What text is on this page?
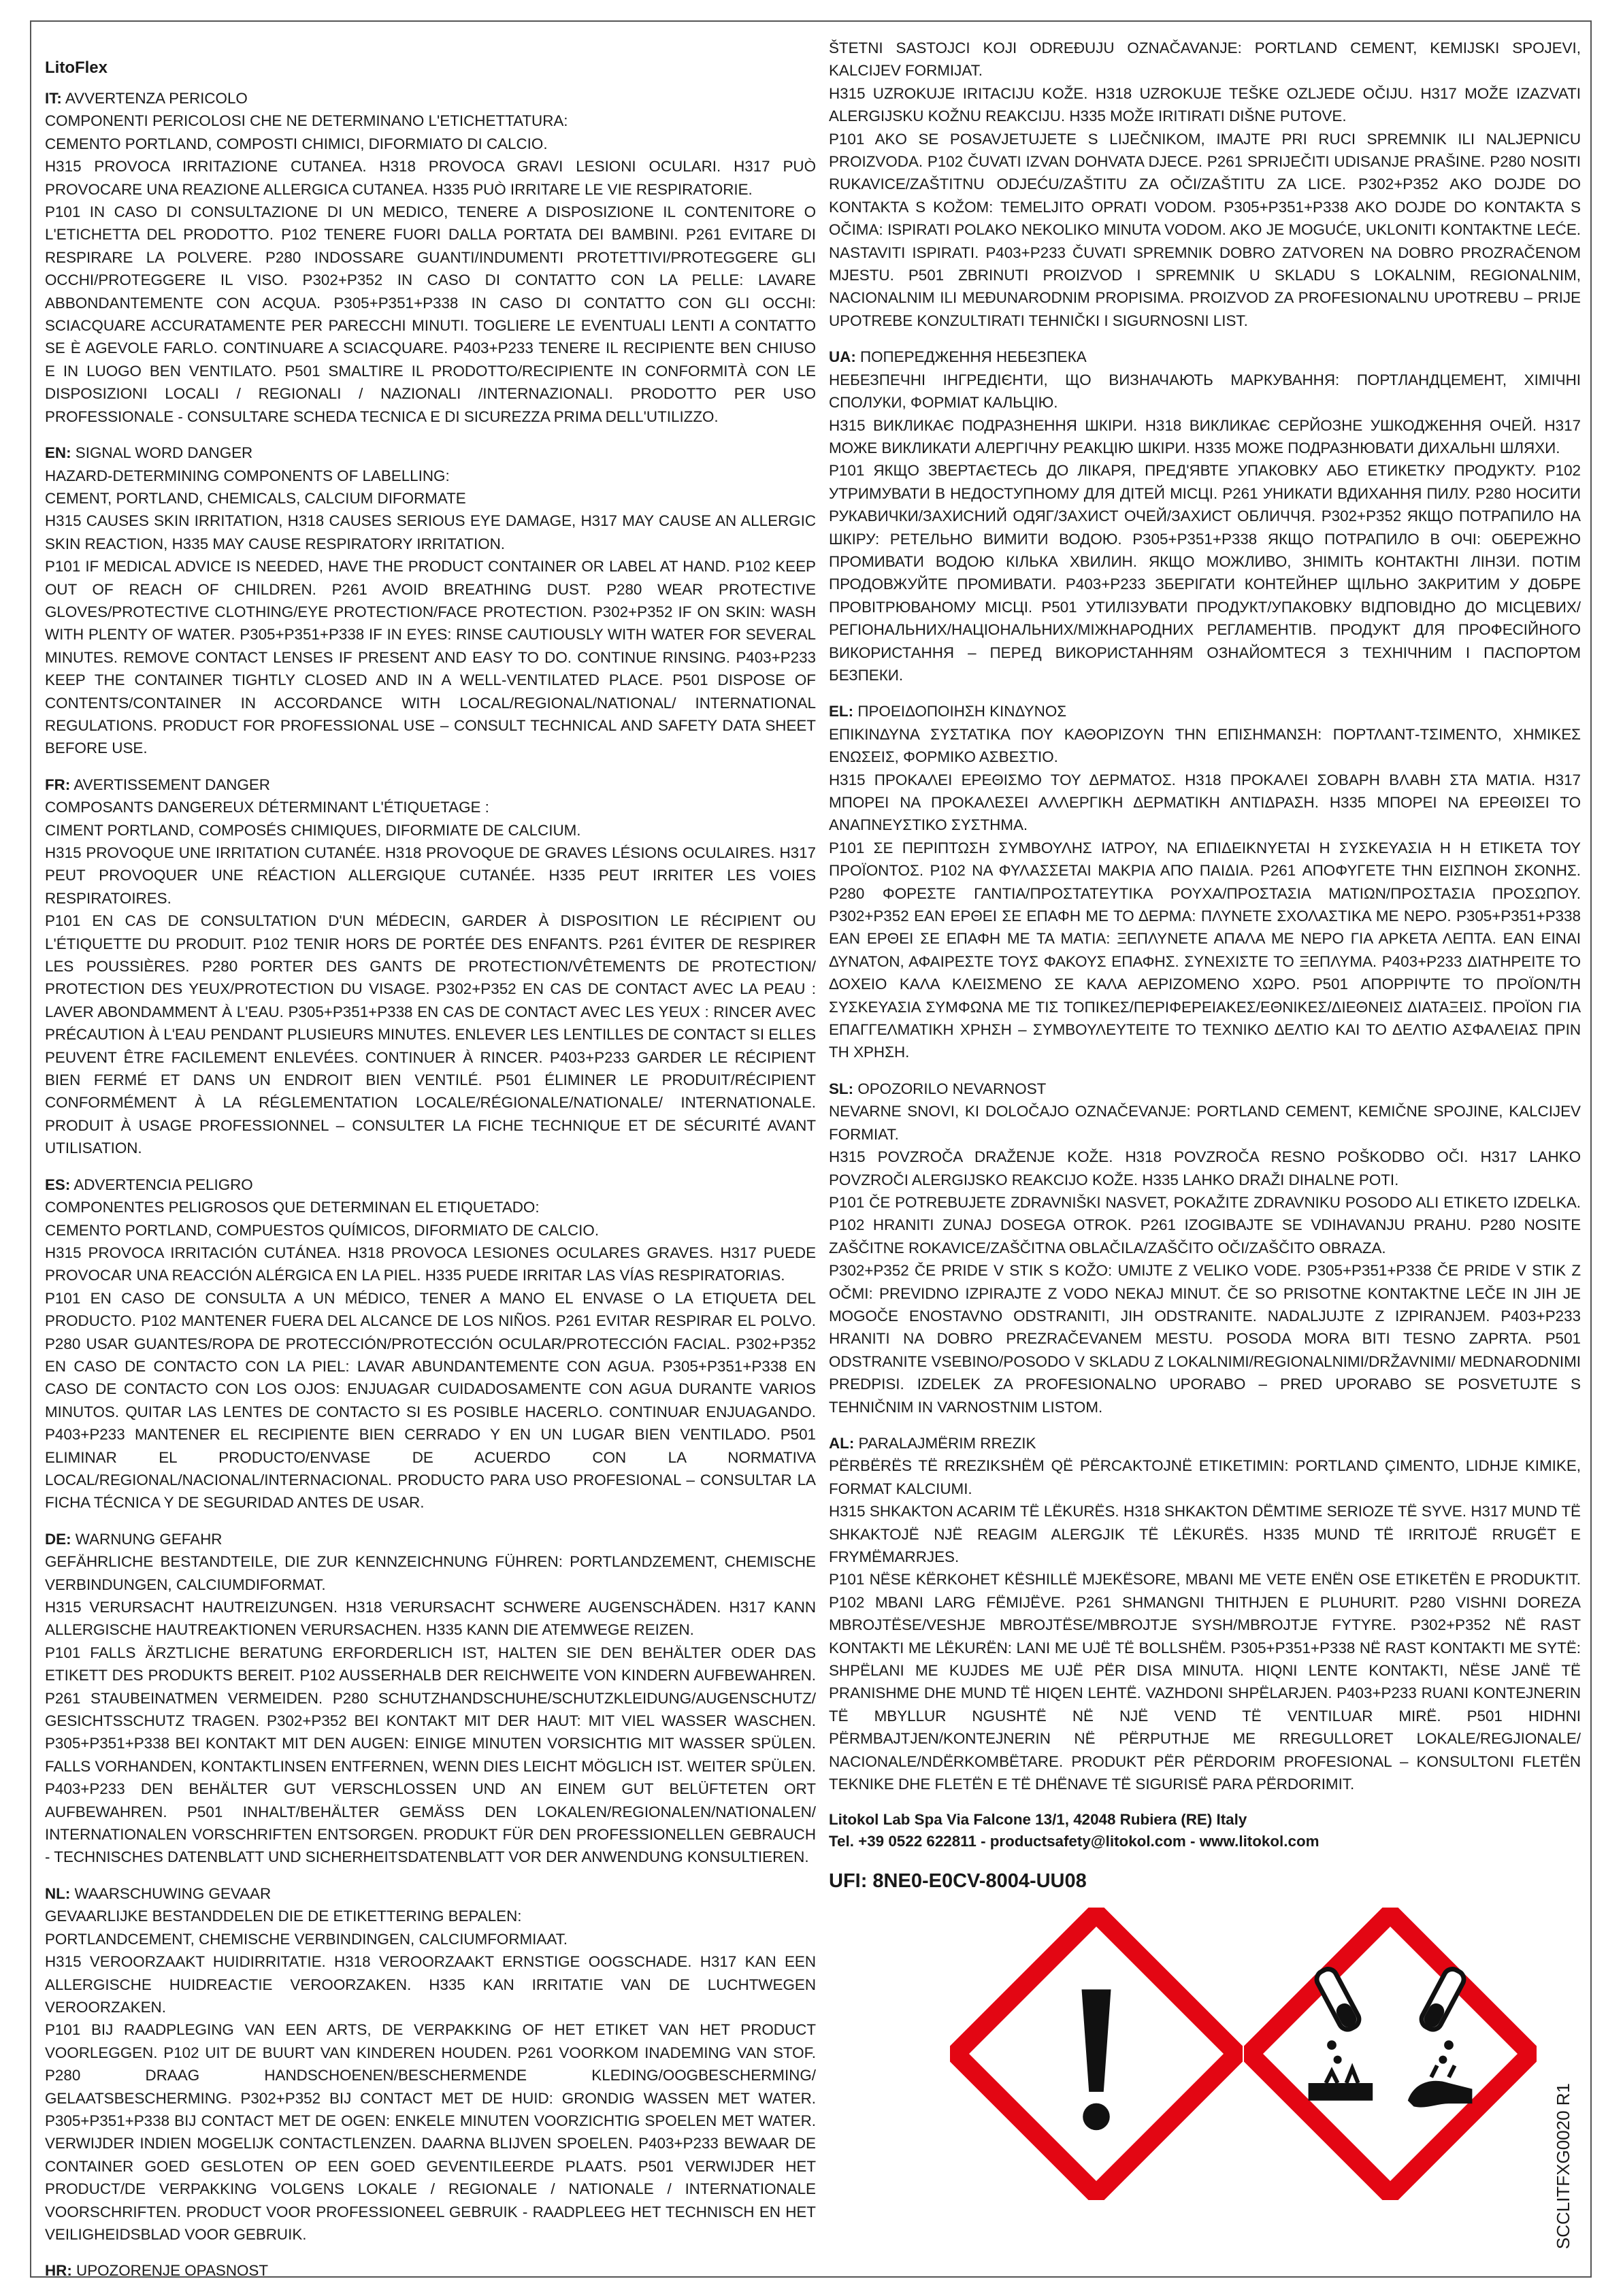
LitoFlex

IT: AVVERTENZA PERICOLO

COMPONENTI PERICOLOSI CHE NE DETERMINANO L'ETICHETTATURA:

CEMENTO PORTLAND, COMPOSTI CHIMICI, DIFORMIATO DI CALCIO.

H315 PROVOCA IRRITAZIONE CUTANEA. H318 PROVOCA GRAVI LESIONI OCULARI. H317 PUÒ PROVOCARE UNA REAZIONE ALLERGICA CUTANEA. H335 PUÒ IRRITARE LE VIE RESPIRATORIE.

P101 IN CASO DI CONSULTAZIONE DI UN MEDICO, TENERE A DISPOSIZIONE IL CONTENITORE O L'ETICHETTA DEL PRODOTTO. P102 TENERE FUORI DALLA PORTATA DEI BAMBINI. P261 EVITARE DI RESPIRARE LA POLVERE. P280 INDOSSARE GUANTI/INDUMENTI PROTETTIVI/PROTEGGERE GLI OCCHI/PROTEGGERE IL VISO. P302+P352 IN CASO DI CONTATTO CON LA PELLE: LAVARE ABBONDANTEMENTE CON ACQUA. P305+P351+P338 IN CASO DI CONTATTO CON GLI OCCHI: SCIACQUARE ACCURATAMENTE PER PARECCHI MINUTI. TOGLIERE LE EVENTUALI LENTI A CONTATTO SE È AGEVOLE FARLO. CONTINUARE A SCIACQUARE. P403+P233 TENERE IL RECIPIENTE BEN CHIUSO E IN LUOGO BEN VENTILATO. P501 SMALTIRE IL PRODOTTO/RECIPIENTE IN CONFORMITÀ CON LE DISPOSIZIONI LOCALI / REGIONALI / NAZIONALI /INTERNAZIONALI. PRODOTTO PER USO PROFESSIONALE - CONSULTARE SCHEDA TECNICA E DI SICUREZZA PRIMA DELL'UTILIZZO.

EN: SIGNAL WORD DANGER

HAZARD-DETERMINING COMPONENTS OF LABELLING:

CEMENT, PORTLAND, CHEMICALS, CALCIUM DIFORMATE

H315 CAUSES SKIN IRRITATION, H318 CAUSES SERIOUS EYE DAMAGE, H317 MAY CAUSE AN ALLERGIC SKIN REACTION, H335 MAY CAUSE RESPIRATORY IRRITATION.

P101 IF MEDICAL ADVICE IS NEEDED, HAVE THE PRODUCT CONTAINER OR LABEL AT HAND. P102 KEEP OUT OF REACH OF CHILDREN. P261 AVOID BREATHING DUST. P280 WEAR PROTECTIVE GLOVES/PROTECTIVE CLOTHING/EYE PROTECTION/FACE PROTECTION. P302+P352 IF ON SKIN: WASH WITH PLENTY OF WATER. P305+P351+P338 IF IN EYES: RINSE CAUTIOUSLY WITH WATER FOR SEVERAL MINUTES. REMOVE CONTACT LENSES IF PRESENT AND EASY TO DO. CONTINUE RINSING. P403+P233 KEEP THE CONTAINER TIGHTLY CLOSED AND IN A WELL-VENTILATED PLACE. P501 DISPOSE OF CONTENTS/CONTAINER IN ACCORDANCE WITH LOCAL/REGIONAL/NATIONAL/ INTERNATIONAL REGULATIONS. PRODUCT FOR PROFESSIONAL USE – CONSULT TECHNICAL AND SAFETY DATA SHEET BEFORE USE.

FR: AVERTISSEMENT DANGER

COMPOSANTS DANGEREUX DÉTERMINANT L'ÉTIQUETAGE :

CIMENT PORTLAND, COMPOSÉS CHIMIQUES, DIFORMIATE DE CALCIUM.

H315 PROVOQUE UNE IRRITATION CUTANÉE. H318 PROVOQUE DE GRAVES LÉSIONS OCULAIRES. H317 PEUT PROVOQUER UNE RÉACTION ALLERGIQUE CUTANÉE. H335 PEUT IRRITER LES VOIES RESPIRATOIRES.

P101 EN CAS DE CONSULTATION D'UN MÉDECIN, GARDER À DISPOSITION LE RÉCIPIENT OU L'ÉTIQUETTE DU PRODUIT. P102 TENIR HORS DE PORTÉE DES ENFANTS. P261 ÉVITER DE RESPIRER LES POUSSIÈRES. P280 PORTER DES GANTS DE PROTECTION/VÊTEMENTS DE PROTECTION/ PROTECTION DES YEUX/PROTECTION DU VISAGE. P302+P352 EN CAS DE CONTACT AVEC LA PEAU : LAVER ABONDAMMENT À L'EAU. P305+P351+P338 EN CAS DE CONTACT AVEC LES YEUX : RINCER AVEC PRÉCAUTION À L'EAU PENDANT PLUSIEURS MINUTES. ENLEVER LES LENTILLES DE CONTACT SI ELLES PEUVENT ÊTRE FACILEMENT ENLEVÉES. CONTINUER À RINCER. P403+P233 GARDER LE RÉCIPIENT BIEN FERMÉ ET DANS UN ENDROIT BIEN VENTILÉ. P501 ÉLIMINER LE PRODUIT/RÉCIPIENT CONFORMÉMENT À LA RÉGLEMENTATION LOCALE/RÉGIONALE/NATIONALE/ INTERNATIONALE. PRODUIT À USAGE PROFESSIONNEL – CONSULTER LA FICHE TECHNIQUE ET DE SÉCURITÉ AVANT UTILISATION.

ES: ADVERTENCIA PELIGRO

COMPONENTES PELIGROSOS QUE DETERMINAN EL ETIQUETADO:

CEMENTO PORTLAND, COMPUESTOS QUÍMICOS, DIFORMIATO DE CALCIO.

H315 PROVOCA IRRITACIÓN CUTÁNEA. H318 PROVOCA LESIONES OCULARES GRAVES. H317 PUEDE PROVOCAR UNA REACCIÓN ALÉRGICA EN LA PIEL. H335 PUEDE IRRITAR LAS VÍAS RESPIRATORIAS.

P101 EN CASO DE CONSULTA A UN MÉDICO, TENER A MANO EL ENVASE O LA ETIQUETA DEL PRODUCTO. P102 MANTENER FUERA DEL ALCANCE DE LOS NIÑOS. P261 EVITAR RESPIRAR EL POLVO. P280 USAR GUANTES/ROPA DE PROTECCIÓN/PROTECCIÓN OCULAR/PROTECCIÓN FACIAL. P302+P352 EN CASO DE CONTACTO CON LA PIEL: LAVAR ABUNDANTEMENTE CON AGUA. P305+P351+P338 EN CASO DE CONTACTO CON LOS OJOS: ENJUAGAR CUIDADOSAMENTE CON AGUA DURANTE VARIOS MINUTOS. QUITAR LAS LENTES DE CONTACTO SI ES POSIBLE HACERLO. CONTINUAR ENJUAGANDO. P403+P233 MANTENER EL RECIPIENTE BIEN CERRADO Y EN UN LUGAR BIEN VENTILADO. P501 ELIMINAR EL PRODUCTO/ENVASE DE ACUERDO CON LA NORMATIVA LOCAL/REGIONAL/NACIONAL/INTERNACIONAL. PRODUCTO PARA USO PROFESIONAL – CONSULTAR LA FICHA TÉCNICA Y DE SEGURIDAD ANTES DE USAR.

DE: WARNUNG GEFAHR

GEFÄHRLICHE BESTANDTEILE, DIE ZUR KENNZEICHNUNG FÜHREN: PORTLANDZEMENT, CHEMISCHE VERBINDUNGEN, CALCIUMDIFORMAT.

H315 VERURSACHT HAUTREIZUNGEN. H318 VERURSACHT SCHWERE AUGENSCHÄDEN. H317 KANN ALLERGISCHE HAUTREAKTIONEN VERURSACHEN. H335 KANN DIE ATEMWEGE REIZEN.

P101 FALLS ÄRZTLICHE BERATUNG ERFORDERLICH IST, HALTEN SIE DEN BEHÄLTER ODER DAS ETIKETT DES PRODUKTS BEREIT. P102 AUSSERHALB DER REICHWEITE VON KINDERN AUFBEWAHREN. P261 STAUBEINATMEN VERMEIDEN. P280 SCHUTZHANDSCHUHE/SCHUTZKLEIDUNG/AUGENSCHUTZ/ GESICHTSSCHUTZ TRAGEN. P302+P352 BEI KONTAKT MIT DER HAUT: MIT VIEL WASSER WASCHEN. P305+P351+P338 BEI KONTAKT MIT DEN AUGEN: EINIGE MINUTEN VORSICHTIG MIT WASSER SPÜLEN. FALLS VORHANDEN, KONTAKTLINSEN ENTFERNEN, WENN DIES LEICHT MÖGLICH IST. WEITER SPÜLEN. P403+P233 DEN BEHÄLTER GUT VERSCHLOSSEN UND AN EINEM GUT BELÜFTETEN ORT AUFBEWAHREN. P501 INHALT/BEHÄLTER GEMÄSS DEN LOKALEN/REGIONALEN/NATIONALEN/ INTERNATIONALEN VORSCHRIFTEN ENTSORGEN. PRODUKT FÜR DEN PROFESSIONELLEN GEBRAUCH - TECHNISCHES DATENBLATT UND SICHERHEITSDATENBLATT VOR DER ANWENDUNG KONSULTIEREN.

NL: WAARSCHUWING GEVAAR

GEVAARLIJKE BESTANDDELEN DIE DE ETIKETTERING BEPALEN:

PORTLANDCEMENT, CHEMISCHE VERBINDINGEN, CALCIUMFORMIAAT.

H315 VEROORZAAKT HUIDIRRITATIE. H318 VEROORZAAKT ERNSTIGE OOGSCHADE. H317 KAN EEN ALLERGISCHE HUIDREACTIE VEROORZAKEN. H335 KAN IRRITATIE VAN DE LUCHTWEGEN VEROORZAKEN.

P101 BIJ RAADPLEGING VAN EEN ARTS, DE VERPAKKING OF HET ETIKET VAN HET PRODUCT VOORLEGGEN. P102 UIT DE BUURT VAN KINDEREN HOUDEN. P261 VOORKOM INADEMING VAN STOF. P280 DRAAG HANDSCHOENEN/BESCHERMENDE KLEDING/OOGBESCHERMING/ GELAATSBESCHERMING. P302+P352 BIJ CONTACT MET DE HUID: GRONDIG WASSEN MET WATER. P305+P351+P338 BIJ CONTACT MET DE OGEN: ENKELE MINUTEN VOORZICHTIG SPOELEN MET WATER. VERWIJDER INDIEN MOGELIJK CONTACTLENZEN. DAARNA BLIJVEN SPOELEN. P403+P233 BEWAAR DE CONTAINER GOED GESLOTEN OP EEN GOED GEVENTILEERDE PLAATS. P501 VERWIJDER HET PRODUCT/DE VERPAKKING VOLGENS LOKALE / REGIONALE / NATIONALE / INTERNATIONALE VOORSCHRIFTEN. PRODUCT VOOR PROFESSIONEEL GEBRUIK - RAADPLEEG HET TECHNISCH EN HET VEILIGHEIDSBLAD VOOR GEBRUIK.

HR: UPOZORENJE OPASNOST

ŠTETNI SASTOJCI KOJI ODREĐUJU OZNAČAVANJE: PORTLAND CEMENT, KEMIJSKI SPOJEVI, KALCIJEV FORMIJAT.

H315 UZROKUJE IRITACIJU KOŽE. H318 UZROKUJE TEŠKE OZLJEDE OČIJU. H317 MOŽE IZAZVATI ALERGIJSKU KOŽNU REAKCIJU. H335 MOŽE IRITIRATI DIŠNE PUTOVE.

P101 AKO SE POSAVJETUJETE S LIJEČNIKOM, IMAJTE PRI RUCI SPREMNIK ILI NALJEPNICU PROIZVODA. P102 ČUVATI IZVAN DOHVATA DJECE. P261 SPRIJEČITI UDISANJE PRAŠINE. P280 NOSITI RUKAVICE/ZAŠTITNU ODJEĆU/ZAŠTITU ZA OČI/ZAŠTITU ZA LICE. P302+P352 AKO DOJDE DO KONTAKTA S KOŽOM: TEMELJITO OPRATI VODOM. P305+P351+P338 AKO DOJDE DO KONTAKTA S OČIMA: ISPIRATI POLAKO NEKOLIKO MINUTA VODOM. AKO JE MOGUĆE, UKLONITI KONTAKTNE LEĆE. NASTAVITI ISPIRATI. P403+P233 ČUVATI SPREMNIK DOBRO ZATVOREN NA DOBRO PROZRAČENOM MJESTU. P501 ZBRINUTI PROIZVOD I SPREMNIK U SKLADU S LOKALNIM, REGIONALNIM, NACIONALNIM ILI MEĐUNARODNIM PROPISIMA. PROIZVOD ZA PROFESIONALNU UPOTREBU – PRIJE UPOTREBE KONZULTIRATI TEHNIČKI I SIGURNOSNI LIST.

UA: ПОПЕРЕДЖЕННЯ НЕБЕЗПЕКА

НЕБЕЗПЕЧНІ ІНГРЕДІЄНТИ, ЩО ВИЗНАЧАЮТЬ МАРКУВАННЯ: ПОРТЛАНДЦЕМЕНТ, ХІМІЧНІ СПОЛУКИ, ФОРМІАТ КАЛЬЦІЮ.

H315 ВИКЛИКАЄ ПОДРАЗНЕННЯ ШКІРИ. H318 ВИКЛИКАЄ СЕРЙОЗНЕ УШКОДЖЕННЯ ОЧЕЙ. H317 МОЖЕ ВИКЛИКАТИ АЛЕРГІЧНУ РЕАКЦІЮ ШКІРИ. H335 МОЖЕ ПОДРАЗНЮВАТИ ДИХАЛЬНІ ШЛЯХИ.

P101 ЯКЩО ЗВЕРТАЄТЕСЬ ДО ЛІКАРЯ, ПРЕД'ЯВТЕ УПАКОВКУ АБО ЕТИКЕТКУ ПРОДУКТУ. P102 УТРИМУВАТИ В НЕДОСТУПНОМУ ДЛЯ ДІТЕЙ МІСЦІ. P261 УНИКАТИ ВДИХАННЯ ПИЛУ. P280 НОСИТИ РУКАВИЧКИ/ЗАХИСНИЙ ОДЯГ/ЗАХИСТ ОЧЕЙ/ЗАХИСТ ОБЛИЧЧЯ. P302+P352 ЯКЩО ПОТРАПИЛО НА ШКІРУ: РЕТЕЛЬНО ВИМИТИ ВОДОЮ. P305+P351+P338 ЯКЩО ПОТРАПИЛО В ОЧІ: ОБЕРЕЖНО ПРОМИВАТИ ВОДОЮ КІЛЬКА ХВИЛИН. ЯКЩО МОЖЛИВО, ЗНІМІТЬ КОНТАКТНІ ЛІНЗИ. ПОТІМ ПРОДОВЖУЙТЕ ПРОМИВАТИ. P403+P233 ЗБЕРІГАТИ КОНТЕЙНЕР ЩІЛЬНО ЗАКРИТИМ У ДОБРЕ ПРОВІТРЮВАНОМУ МІСЦІ. P501 УТИЛІЗУВАТИ ПРОДУКТ/УПАКОВКУ ВІДПОВІДНО ДО МІСЦЕВИХ/РЕГІОНАЛЬНИХ/НАЦІОНАЛЬНИХ/МІЖНАРОДНИХ РЕГЛАМЕНТІВ. ПРОДУКТ ДЛЯ ПРОФЕСІЙНОГО ВИКОРИСТАННЯ – ПЕРЕД ВИКОРИСТАННЯМ ОЗНАЙОМТЕСЯ З ТЕХНІЧНИМ І ПАСПОРТОМ БЕЗПЕКИ.

EL: ΠΡΟΕΙΔΟΠΟΙΗΣΗ ΚΙΝΔΥΝΟΣ

ΕΠΙΚΙΝΔΥΝΑ ΣΥΣΤΑΤΙΚΑ ΠΟΥ ΚΑΘΟΡΙΖΟΥΝ ΤΗΝ ΕΠΙΣΗΜΑΝΣΗ: ΠΟΡΤΛΑΝΤ-ΤΣΙΜΕΝΤΟ, ΧΗΜΙΚΕΣ ΕΝΩΣΕΙΣ, ΦΟΡΜΙΚΟ ΑΣΒΕΣΤΙΟ.

H315 ΠΡΟΚΑΛΕΙ ΕΡΕΘΙΣΜΟ ΤΟΥ ΔΕΡΜΑΤΟΣ. H318 ΠΡΟΚΑΛΕΙ ΣΟΒΑΡΗ ΒΛΑΒΗ ΣΤΑ ΜΑΤΙΑ. H317 ΜΠΟΡΕΙ ΝΑ ΠΡΟΚΑΛΕΣΕΙ ΑΛΛΕΡΓΙΚΗ ΔΕΡΜΑΤΙΚΗ ΑΝΤΙΔΡΑΣΗ. H335 ΜΠΟΡΕΙ ΝΑ ΕΡΕΘΙΣΕΙ ΤΟ ΑΝΑΠΝΕΥΣΤΙΚΟ ΣΥΣΤΗΜΑ.

P101 ΣΕ ΠΕΡΙΠΤΩΣΗ ΣΥΜΒΟΥΛΗΣ ΙΑΤΡΟΥ, ΝΑ ΕΠΙΔΕΙΚΝΥΕΤΑΙ Η ΣΥΣΚΕΥΑΣΙΑ Η Η ΕΤΙΚΕΤΑ ΤΟΥ ΠΡΟΪΟΝΤΟΣ. P102 ΝΑ ΦΥΛΑΣΣΕΤΑΙ ΜΑΚΡΙΑ ΑΠΟ ΠΑΙΔΙΑ. P261 ΑΠΟΦΥΓΕΤΕ ΤΗΝ ΕΙΣΠΝΟΗ ΣΚΟΝΗΣ. P280 ΦΟΡΕΣΤΕ ΓΑΝΤΙΑ/ΠΡΟΣΤΑΤΕΥΤΙΚΑ ΡΟΥΧΑ/ΠΡΟΣΤΑΣΙΑ ΜΑΤΙΩΝ/ΠΡΟΣΤΑΣΙΑ ΠΡΟΣΩΠΟΥ. P302+P352 ΕΑΝ ΕΡΘΕΙ ΣΕ ΕΠΑΦΗ ΜΕ ΤΟ ΔΕΡΜΑ: ΠΛΥΝΕΤΕ ΣΧΟΛΑΣΤΙΚΑ ΜΕ ΝΕΡΟ. P305+P351+P338 ΕΑΝ ΕΡΘΕΙ ΣΕ ΕΠΑΦΗ ΜΕ ΤΑ ΜΑΤΙΑ: ΞΕΠΛΥΝΕΤΕ ΑΠΑΛΑ ΜΕ ΝΕΡΟ ΓΙΑ ΑΡΚΕΤΑ ΛΕΠΤΑ. ΕΑΝ ΕΙΝΑΙ ΔΥΝΑΤΟΝ, ΑΦΑΙΡΕΣΤΕ ΤΟΥΣ ΦΑΚΟΥΣ ΕΠΑΦΗΣ. ΣΥΝΕΧΙΣΤΕ ΤΟ ΞΕΠΛΥΜΑ. P403+P233 ΔΙΑΤΗΡΕΙΤΕ ΤΟ ΔΟΧΕΙΟ ΚΑΛΑ ΚΛΕΙΣΜΕΝΟ ΣΕ ΚΑΛΑ ΑΕΡΙΖΟΜΕΝΟ ΧΩΡΟ. P501 ΑΠΟΡΡΙΨΤΕ ΤΟ ΠΡΟΪΟΝ/ΤΗ ΣΥΣΚΕΥΑΣΙΑ ΣΥΜΦΩΝΑ ΜΕ ΤΙΣ ΤΟΠΙΚΕΣ/ΠΕΡΙΦΕΡΕΙΑΚΕΣ/ΕΘΝΙΚΕΣ/ΔΙΕΘΝΕΙΣ ΔΙΑΤΑΞΕΙΣ. ΠΡΟΪΟΝ ΓΙΑ ΕΠΑΓΓΕΛΜΑΤΙΚΗ ΧΡΗΣΗ – ΣΥΜΒΟΥΛΕΥΤΕΙΤΕ ΤΟ ΤΕΧΝΙΚΟ ΔΕΛΤΙΟ ΚΑΙ ΤΟ ΔΕΛΤΙΟ ΑΣΦΑΛΕΙΑΣ ΠΡΙΝ ΤΗ ΧΡΗΣΗ.

SL: OPOZORILO NEVARNOST

NEVARNE SNOVI, KI DOLOČAJO OZNAČEVANJE: PORTLAND CEMENT, KEMIČNE SPOJINE, KALCIJEV FORMIAT.

H315 POVZROČA DRAŽENJE KOŽE. H318 POVZROČA RESNO POŠKODBO OČI. H317 LAHKO POVZROČI ALERGIJSKO REAKCIJO KOŽE. H335 LAHKO DRAŽI DIHALNE POTI.

P101 ČE POTREBUJETE ZDRAVNIŠKI NASVET, POKAŽITE ZDRAVNIKU POSODO ALI ETIKETO IZDELKA. P102 HRANITI ZUNAJ DOSEGA OTROK. P261 IZOGIBAJTE SE VDIHAVANJU PRAHU. P280 NOSITE ZAŠČITNE ROKAVICE/ZAŠČITNA OBLAČILA/ZAŠČITO OČI/ZAŠČITO OBRAZA.

P302+P352 ČE PRIDE V STIK S KOŽO: UMIJTE Z VELIKO VODE. P305+P351+P338 ČE PRIDE V STIK Z OČMI: PREVIDNO IZPIRAJTE Z VODO NEKAJ MINUT. ČE SO PRISOTNE KONTAKTNE LEČE IN JIH JE MOGOČE ENOSTAVNO ODSTRANITI, JIH ODSTRANITE. NADALJUJTE Z IZPIRANJEM. P403+P233 HRANITI NA DOBRO PREZRAČEVANEM MESTU. POSODA MORA BITI TESNO ZAPRTA. P501 ODSTRANITE VSEBINO/POSODO V SKLADU Z LOKALNIMI/REGIONALNIMI/DRŽAVNIMI/ MEDNARODNIMI PREDPISI. IZDELEK ZA PROFESIONALNO UPORABO – PRED UPORABO SE POSVETUJTE S TEHNIČNIM IN VARNOSTNIM LISTOM.

AL: PARALAJMËRIM RREZIK

PËRBËRËS TË RREZIKSHËM QË PËRCAKTOJNË ETIKETIMIN: PORTLAND ÇIMENTO, LIDHJE KIMIKE, FORMAT KALCIUMI.

H315 SHKAKTON ACARIM TË LËKURËS. H318 SHKAKTON DËMTIME SERIOZE TË SYVE. H317 MUND TË SHKAKTOJË NJË REAGIM ALERGJIK TË LËKURËS. H335 MUND TË IRRITOJË RRUGËT E FRYMËMARRJES.

P101 NËSE KËRKOHET KËSHILLË MJEKËSORE, MBANI ME VETE ENËN OSE ETIKETËN E PRODUKTIT. P102 MBANI LARG FËMIJËVE. P261 SHMANGNI THITHJEN E PLUHURIT. P280 VISHNI DOREZA MBROJTËSE/VESHJE MBROJTËSE/MBROJTJE SYSH/MBROJTJE FYTYRE. P302+P352 NË RAST KONTAKTI ME LËKURËN: LANI ME UJË TË BOLLSHËM. P305+P351+P338 NË RAST KONTAKTI ME SYTË: SHPËLANI ME KUJDES ME UJË PËR DISA MINUTA. HIQNI LENTE KONTAKTI, NËSE JANË TË PRANISHME DHE MUND TË HIQEN LEHTË. VAZHDONI SHPËLARJEN. P403+P233 RUANI KONTEJNERIN TË MBYLLUR NGUSHTË NË NJË VEND TË VENTILUAR MIRË. P501 HIDHNI PËRMBAJTJEN/KONTEJNERIN NË PËRPUTHJE ME RREGULLORET LOKALE/REGJIONALE/ NACIONALE/NDËRKOMBËTARE. PRODUKT PËR PËRDORIM PROFESIONAL – KONSULTONI FLETËN TEKNIKE DHE FLETËN E TË DHËNAVE TË SIGURISË PARA PËRDORIMIT.

Litokol Lab Spa Via Falcone 13/1, 42048 Rubiera (RE) Italy

Tel. +39 0522 622811 - productsafety@litokol.com - www.litokol.com

UFI: 8NE0-E0CV-8004-UU08
SCCLITFXG0020 R1
